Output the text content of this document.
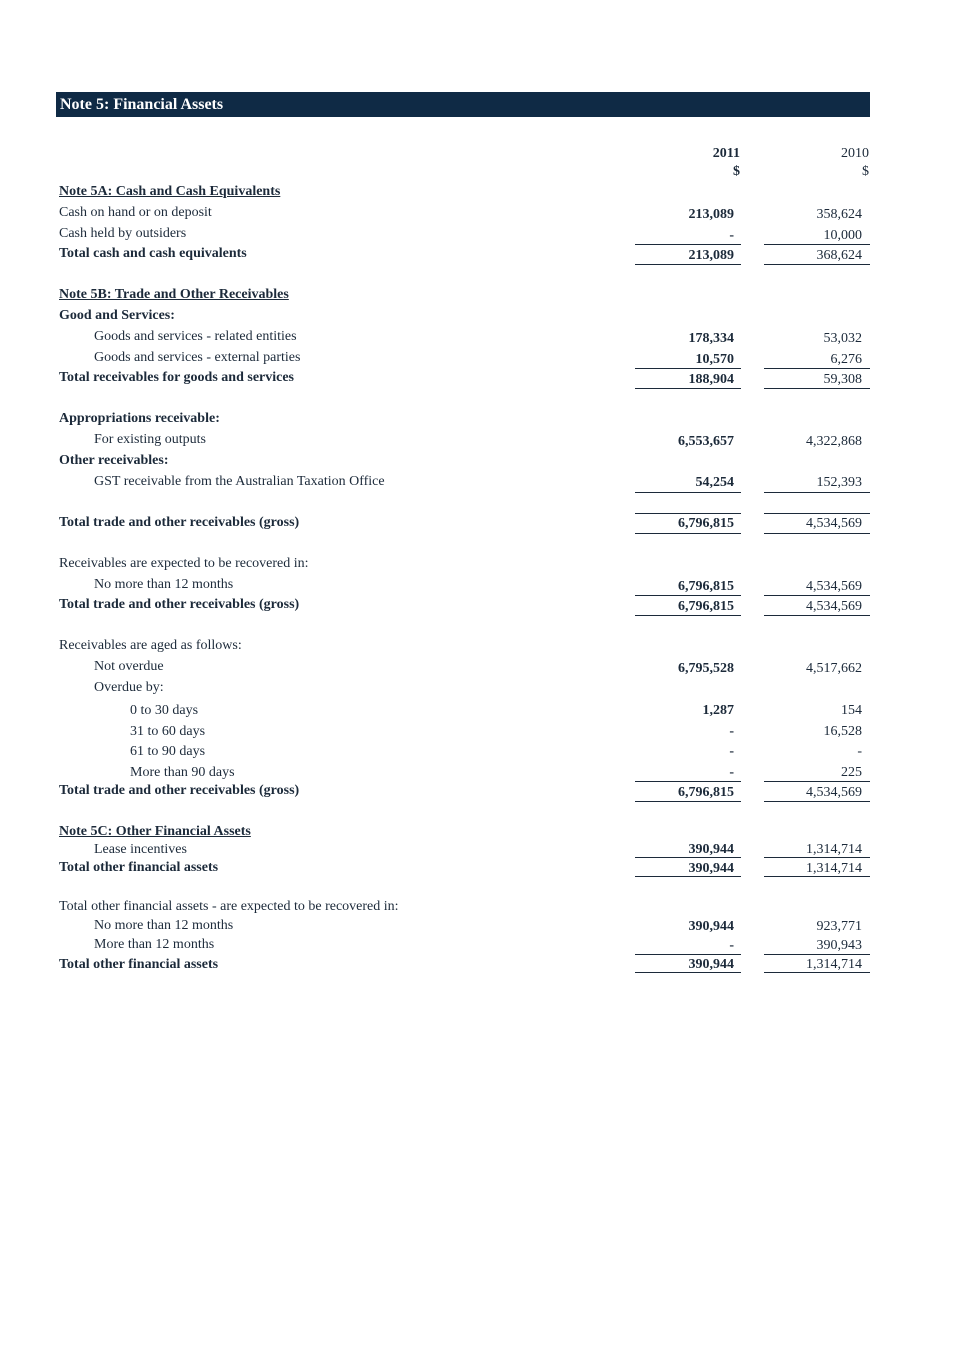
Note 5: Financial Assets
2011
$
2010
$
Note 5A: Cash and Cash Equivalents
Cash on hand or on deposit	213,089	358,624
Cash held by outsiders	-	10,000
Total cash and cash equivalents	213,089	368,624
Note 5B: Trade and Other Receivables
Good and Services:
Goods and services - related entities	178,334	53,032
Goods and services - external parties	10,570	6,276
Total receivables for goods and services	188,904	59,308
Appropriations receivable:
For existing outputs	6,553,657	4,322,868
Other receivables:
GST receivable from the Australian Taxation Office	54,254	152,393
Total trade and other receivables (gross)	6,796,815	4,534,569
Receivables are expected to be recovered in:
No more than 12 months	6,796,815	4,534,569
Total trade and other receivables (gross)	6,796,815	4,534,569
Receivables are aged as follows:
Not overdue	6,795,528	4,517,662
Overdue by:
0 to 30 days	1,287	154
31 to 60 days	-	16,528
61 to 90 days	-	-
More than 90 days	-	225
Total trade and other receivables (gross)	6,796,815	4,534,569
Note 5C: Other Financial Assets
Lease incentives	390,944	1,314,714
Total other financial assets	390,944	1,314,714
Total other financial assets - are expected to be recovered in:
No more than 12 months	390,944	923,771
More than 12 months	-	390,943
Total other financial assets	390,944	1,314,714
